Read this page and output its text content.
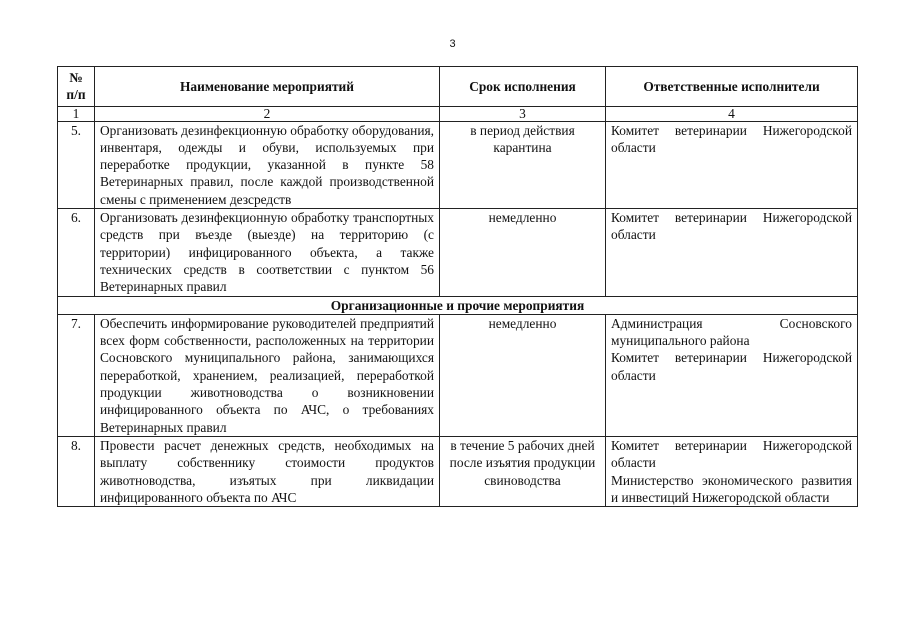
3
№ п/п	Наименование мероприятий	Срок исполнения	Ответственные исполнители
1	2	3	4
5.	Организовать дезинфекционную обработку оборудования, инвентаря, одежды и обуви, используемых при переработке продукции, указанной в пункте 58 Ветеринарных правил, после каждой производственной смены с применением дезсредств	в период действия карантина	Комитет ветеринарии Нижегородской области

6.	Организовать дезинфекционную обработку транспортных средств при въезде (выезде) на территорию (с территории) инфицированного объекта, а также технических средств в соответствии с пунктом 56 Ветеринарных правил	немедленно	Комитет ветеринарии Нижегородской области

Организационные и прочие мероприятия			
7.	Обеспечить информирование руководителей предприятий всех форм собственности, расположенных на территории Сосновского муниципального района, занимающихся переработкой, хранением, реализацией, переработкой продукции животноводства о возникновении инфицированного объекта по АЧС, о требованиях Ветеринарных правил	немедленно	Администрация Сосновского муниципального района
Комитет ветеринарии Нижегородской области

8.	Провести расчет денежных средств, необходимых на выплату собственнику стоимости продуктов животноводства, изъятых при ликвидации инфицированного объекта по АЧС	в течение 5 рабочих дней после изъятия продукции свиноводства	Комитет ветеринарии Нижегородской области
Министерство экономического развития и инвестиций Нижегородской области
